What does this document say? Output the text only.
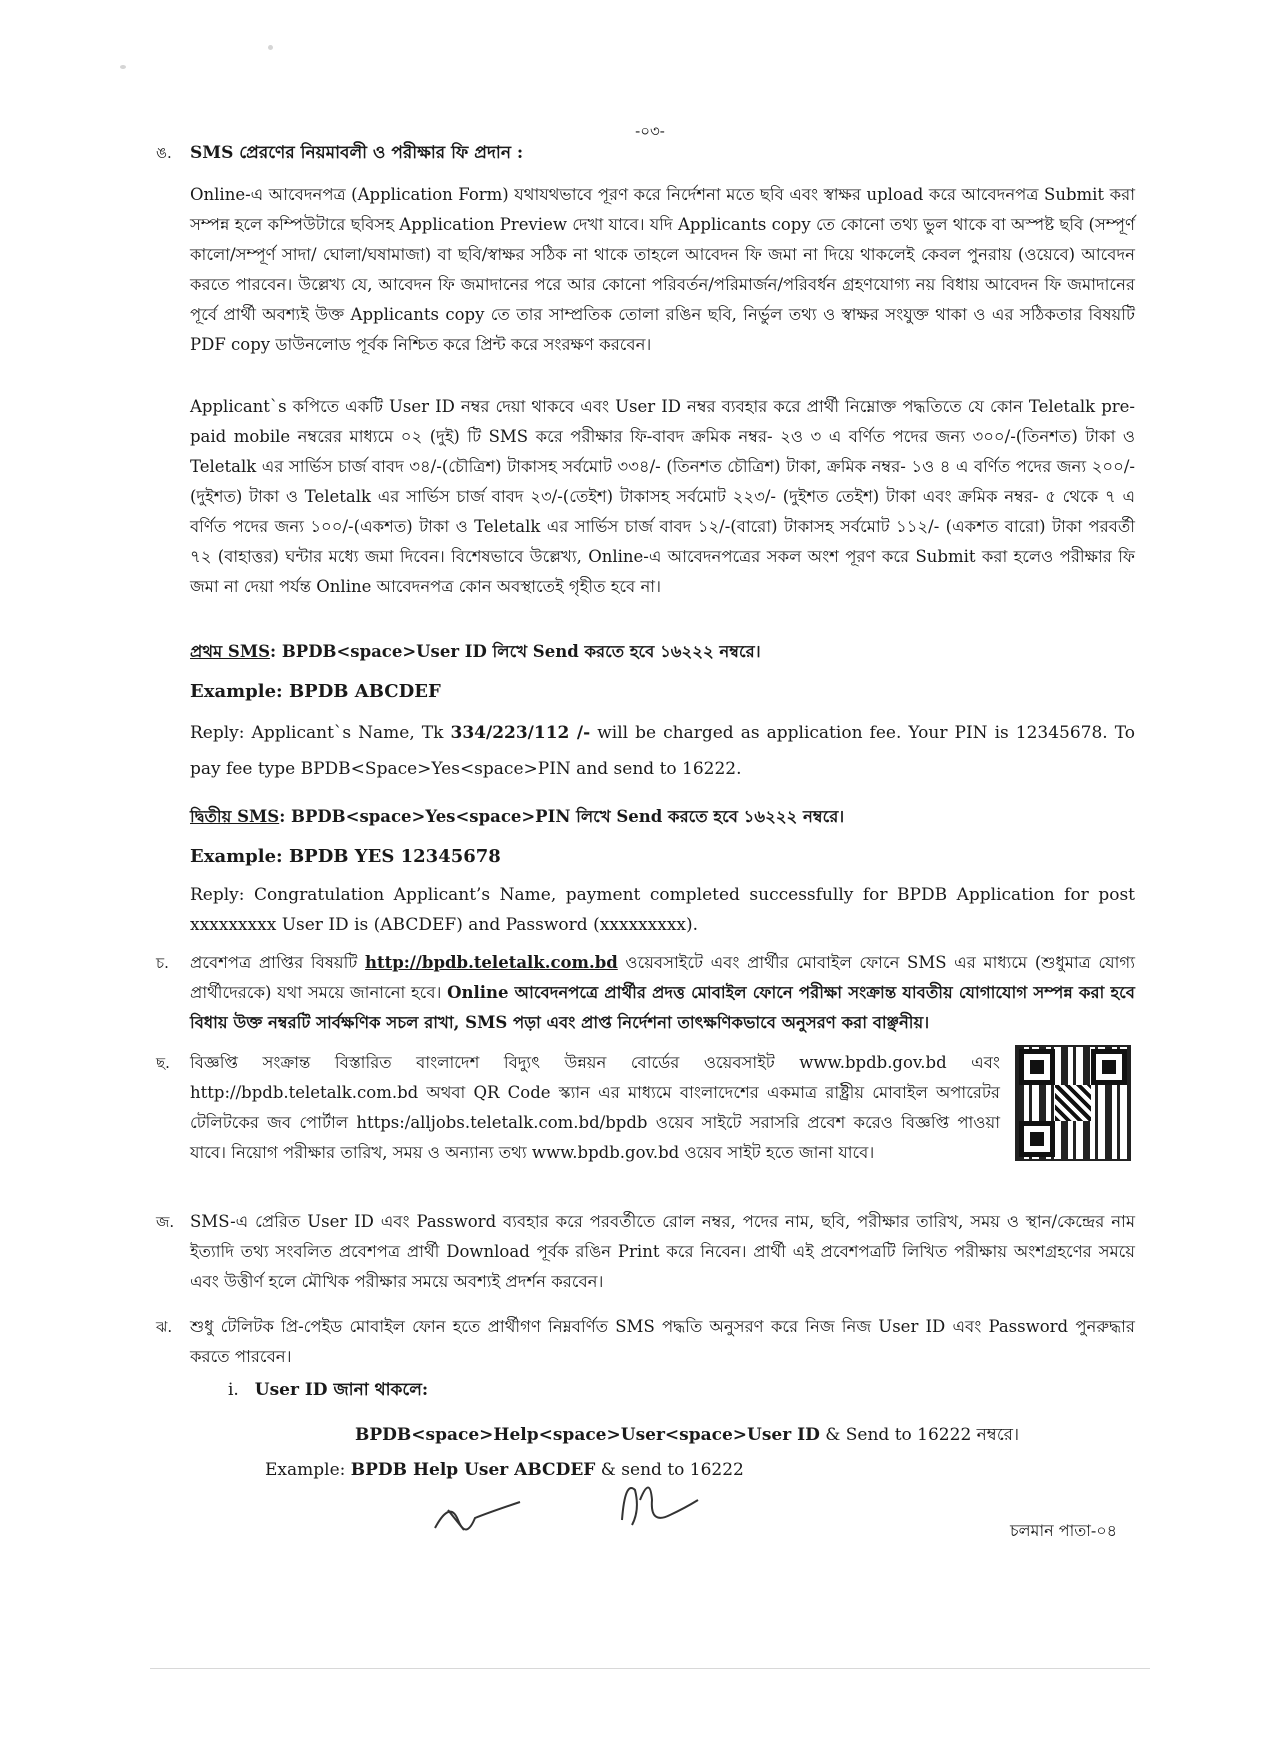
-০৩-
ঙ. SMS প্রেরণের নিয়মাবলী ও পরীক্ষার ফি প্রদান :

Online-এ আবেদনপত্র (Application Form) যথাযথভাবে পূরণ করে নির্দেশনা মতে ছবি এবং স্বাক্ষর upload করে আবেদনপত্র Submit করা সম্পন্ন হলে কম্পিউটারে ছবিসহ Application Preview দেখা যাবে। যদি Applicants copy তে কোনো তথ্য ভুল থাকে বা অস্পষ্ট ছবি (সম্পূর্ণ কালো/সম্পূর্ণ সাদা/ ঘোলা/ঘষামাজা) বা ছবি/স্বাক্ষর সঠিক না থাকে তাহলে আবেদন ফি জমা না দিয়ে থাকলেই কেবল পুনরায় (ওয়েবে) আবেদন করতে পারবেন। উল্লেখ্য যে, আবেদন ফি জমাদানের পরে আর কোনো পরিবর্তন/পরিমার্জন/পরিবর্ধন গ্রহণযোগ্য নয় বিধায় আবেদন ফি জমাদানের পূর্বে প্রার্থী অবশ্যই উক্ত Applicants copy তে তার সাম্প্রতিক তোলা রঙিন ছবি, নির্ভুল তথ্য ও স্বাক্ষর সংযুক্ত থাকা ও এর সঠিকতার বিষয়টি PDF copy ডাউনলোড পূর্বক নিশ্চিত করে প্রিন্ট করে সংরক্ষণ করবেন।

Applicant`s কপিতে একটি User ID নম্বর দেয়া থাকবে এবং User ID নম্বর ব্যবহার করে প্রার্থী নিম্নোক্ত পদ্ধতিতে যে কোন Teletalk pre-paid mobile নম্বরের মাধ্যমে ০২ (দুই) টি SMS করে পরীক্ষার ফি-বাবদ ক্রমিক নম্বর- ২ও ৩ এ বর্ণিত পদের জন্য ৩০০/-(তিনশত) টাকা ও Teletalk এর সার্ভিস চার্জ বাবদ ৩৪/-(চৌত্রিশ) টাকাসহ সর্বমোট ৩৩৪/- (তিনশত চৌত্রিশ) টাকা, ক্রমিক নম্বর- ১ও ৪ এ বর্ণিত পদের জন্য ২০০/-(দুইশত) টাকা ও Teletalk এর সার্ভিস চার্জ বাবদ ২৩/-(তেইশ) টাকাসহ সর্বমোট ২২৩/- (দুইশত তেইশ) টাকা এবং ক্রমিক নম্বর- ৫ থেকে ৭ এ বর্ণিত পদের জন্য ১০০/-(একশত) টাকা ও Teletalk এর সার্ভিস চার্জ বাবদ ১২/-(বারো) টাকাসহ সর্বমোট ১১২/- (একশত বারো) টাকা পরবর্তী ৭২ (বাহাত্তর) ঘন্টার মধ্যে জমা দিবেন। বিশেষভাবে উল্লেখ্য, Online-এ আবেদনপত্রের সকল অংশ পূরণ করে Submit করা হলেও পরীক্ষার ফি জমা না দেয়া পর্যন্ত Online আবেদনপত্র কোন অবস্থাতেই গৃহীত হবে না।

প্রথম SMS: BPDB<space>User ID লিখে Send করতে হবে ১৬২২২ নম্বরে।

Example: BPDB ABCDEF

Reply: Applicant`s Name, Tk 334/223/112 /- will be charged as application fee. Your PIN is 12345678. To pay fee type BPDB<Space>Yes<space>PIN and send to 16222.

দ্বিতীয় SMS: BPDB<space>Yes<space>PIN লিখে Send করতে হবে ১৬২২২ নম্বরে।

Example: BPDB YES 12345678

Reply: Congratulation Applicant’s Name, payment completed successfully for BPDB Application for post xxxxxxxxx User ID is (ABCDEF) and Password (xxxxxxxxx).

চ. প্রবেশপত্র প্রাপ্তির বিষয়টি http://bpdb.teletalk.com.bd ওয়েবসাইটে এবং প্রার্থীর মোবাইল ফোনে SMS এর মাধ্যমে (শুধুমাত্র যোগ্য প্রার্থীদেরকে) যথা সময়ে জানানো হবে। Online আবেদনপত্রে প্রার্থীর প্রদত্ত মোবাইল ফোনে পরীক্ষা সংক্রান্ত যাবতীয় যোগাযোগ সম্পন্ন করা হবে বিধায় উক্ত নম্বরটি সার্বক্ষণিক সচল রাখা, SMS পড়া এবং প্রাপ্ত নির্দেশনা তাৎক্ষণিকভাবে অনুসরণ করা বাঞ্ছনীয়।

ছ. বিজ্ঞপ্তি সংক্রান্ত বিস্তারিত বাংলাদেশ বিদ্যুৎ উন্নয়ন বোর্ডের ওয়েবসাইট www.bpdb.gov.bd এবং http://bpdb.teletalk.com.bd অথবা QR Code স্ক্যান এর মাধ্যমে বাংলাদেশের একমাত্র রাষ্ট্রীয় মোবাইল অপারেটর টেলিটকের জব পোর্টাল https:/alljobs.teletalk.com.bd/bpdb ওয়েব সাইটে সরাসরি প্রবেশ করেও বিজ্ঞপ্তি পাওয়া যাবে। নিয়োগ পরীক্ষার তারিখ, সময় ও অন্যান্য তথ্য www.bpdb.gov.bd ওয়েব সাইট হতে জানা যাবে।

জ. SMS-এ প্রেরিত User ID এবং Password ব্যবহার করে পরবর্তীতে রোল নম্বর, পদের নাম, ছবি, পরীক্ষার তারিখ, সময় ও স্থান/কেন্দ্রের নাম ইত্যাদি তথ্য সংবলিত প্রবেশপত্র প্রার্থী Download পূর্বক রঙিন Print করে নিবেন। প্রার্থী এই প্রবেশপত্রটি লিখিত পরীক্ষায় অংশগ্রহণের সময়ে এবং উত্তীর্ণ হলে মৌখিক পরীক্ষার সময়ে অবশ্যই প্রদর্শন করবেন।

ঝ. শুধু টেলিটক প্রি-পেইড মোবাইল ফোন হতে প্রার্থীগণ নিম্নবর্ণিত SMS পদ্ধতি অনুসরণ করে নিজ নিজ User ID এবং Password পুনরুদ্ধার করতে পারবেন।

i. User ID জানা থাকলে:

BPDB<space>Help<space>User<space>User ID & Send to 16222 নম্বরে।

Example: BPDB Help User ABCDEF & send to 16222

চলমান পাতা-০৪
